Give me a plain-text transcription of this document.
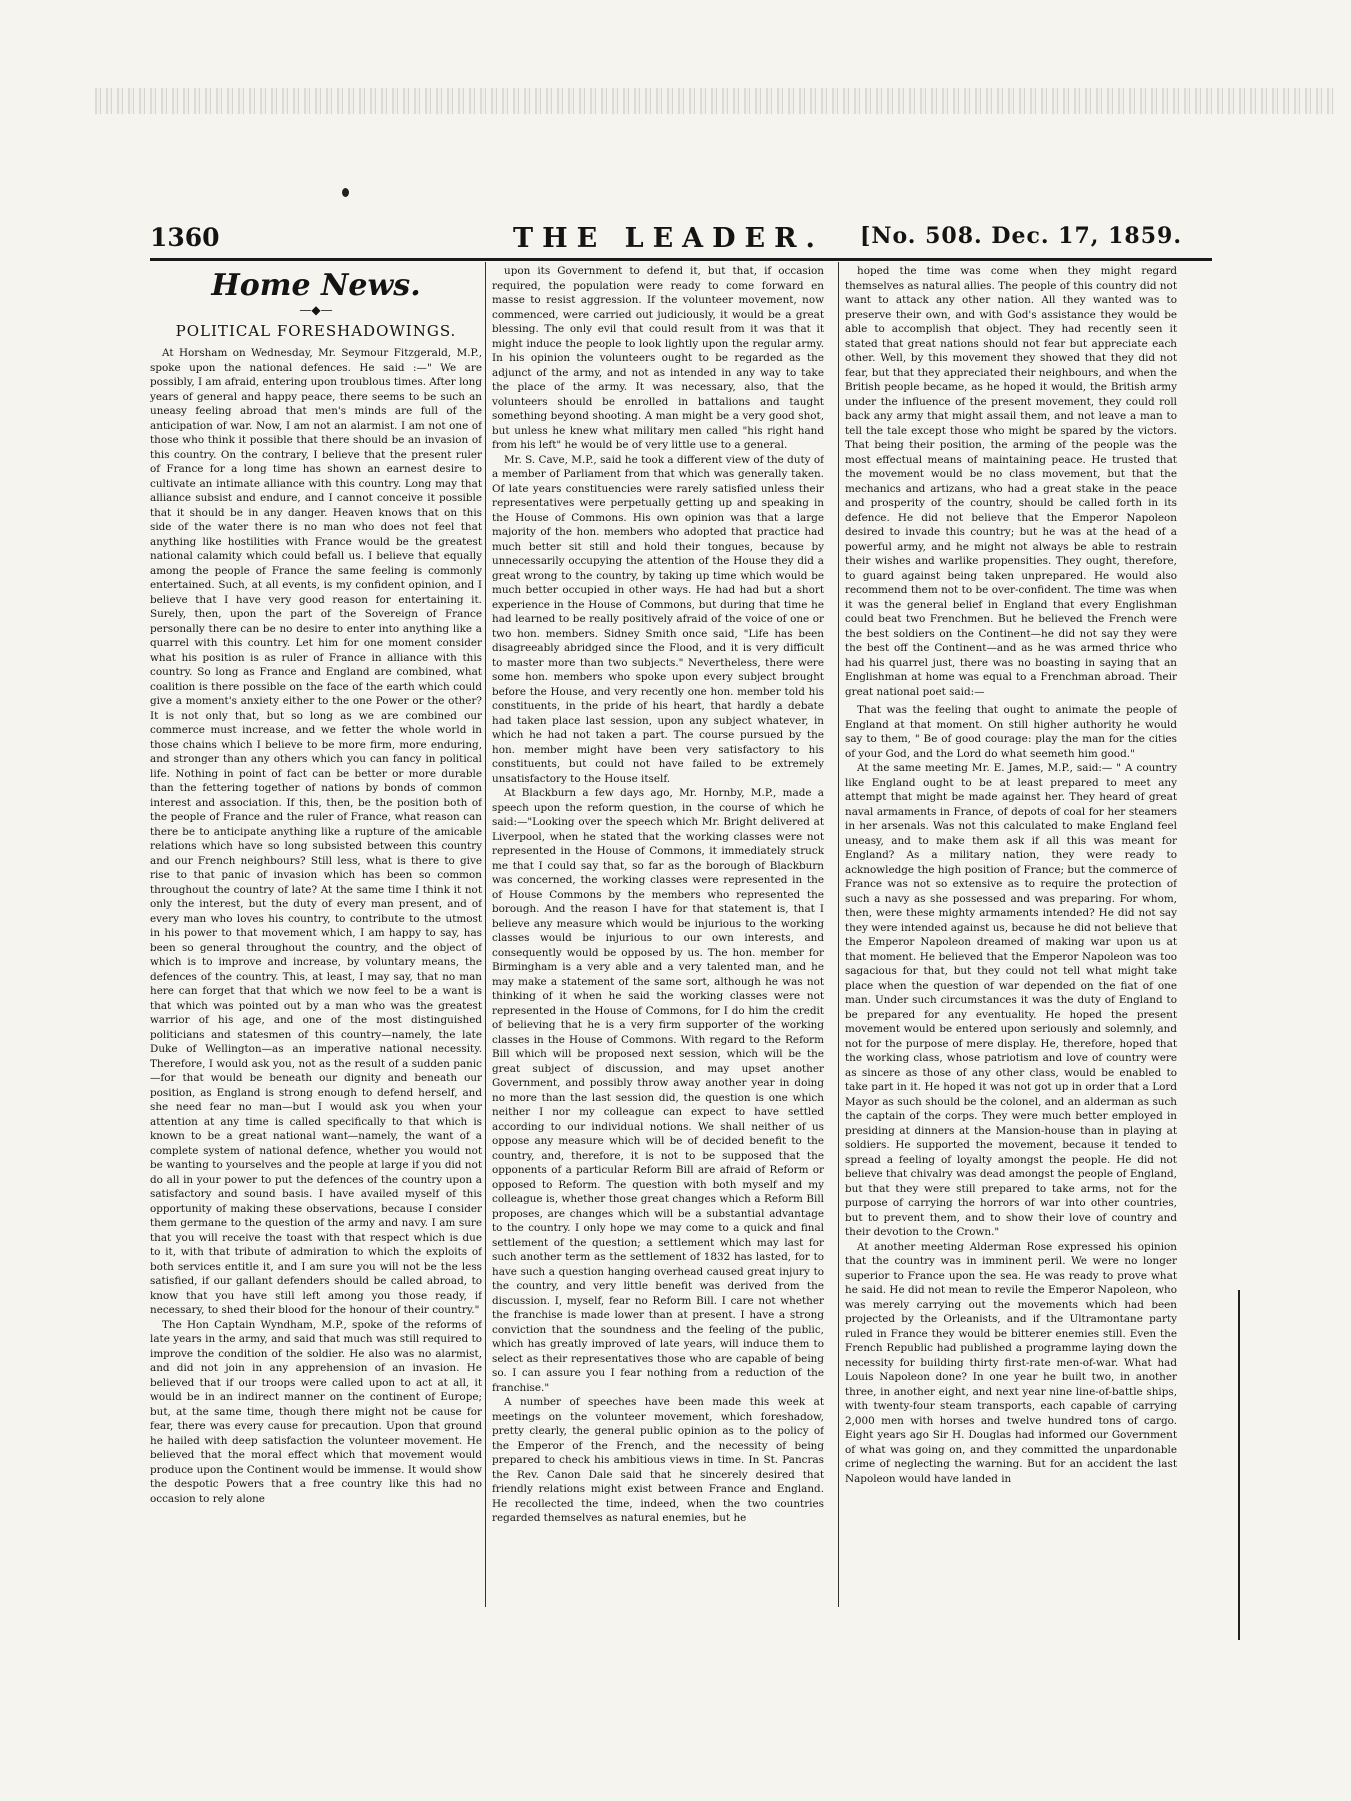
1360	THE LEADER. [No. 508. Dec. 17, 1859.
Home News.
—◆—
POLITICAL FORESHADOWINGS.

At Horsham on Wednesday, Mr. Seymour Fitzgerald, M.P., spoke upon the national defences. He said :—" We are possibly, I am afraid, entering upon troublous times. After long years of general and happy peace, there seems to be such an uneasy feeling abroad that men's minds are full of the anticipation of war. Now, I am not an alarmist. I am not one of those who think it possible that there should be an invasion of this country. On the contrary, I believe that the present ruler of France for a long time has shown an earnest desire to cultivate an intimate alliance with this country. Long may that alliance subsist and endure, and I cannot conceive it possible that it should be in any danger. Heaven knows that on this side of the water there is no man who does not feel that anything like hostilities with France would be the greatest national calamity which could befall us. I believe that equally among the people of France the same feeling is commonly entertained. Such, at all events, is my confident opinion, and I believe that I have very good reason for entertaining it. Surely, then, upon the part of the Sovereign of France personally there can be no desire to enter into anything like a quarrel with this country. Let him for one moment consider what his position is as ruler of France in alliance with this country. So long as France and England are combined, what coalition is there possible on the face of the earth which could give a moment's anxiety either to the one Power or the other? It is not only that, but so long as we are combined our commerce must increase, and we fetter the whole world in those chains which I believe to be more firm, more enduring, and stronger than any others which you can fancy in political life. Nothing in point of fact can be better or more durable than the fettering together of nations by bonds of common interest and association. If this, then, be the position both of the people of France and the ruler of France, what reason can there be to anticipate anything like a rupture of the amicable relations which have so long subsisted between this country and our French neighbours? Still less, what is there to give rise to that panic of invasion which has been so common throughout the country of late? At the same time I think it not only the interest, but the duty of every man present, and of every man who loves his country, to contribute to the utmost in his power to that movement which, I am happy to say, has been so general throughout the country, and the object of which is to improve and increase, by voluntary means, the defences of the country. This, at least, I may say, that no man here can forget that that which we now feel to be a want is that which was pointed out by a man who was the greatest warrior of his age, and one of the most distinguished politicians and statesmen of this country—namely, the late Duke of Wellington—as an imperative national necessity. Therefore, I would ask you, not as the result of a sudden panic—for that would be beneath our dignity and beneath our position, as England is strong enough to defend herself, and she need fear no man—but I would ask you when your attention at any time is called specifically to that which is known to be a great national want—namely, the want of a complete system of national defence, whether you would not be wanting to yourselves and the people at large if you did not do all in your power to put the defences of the country upon a satisfactory and sound basis. I have availed myself of this opportunity of making these observations, because I consider them germane to the question of the army and navy. I am sure that you will receive the toast with that respect which is due to it, with that tribute of admiration to which the exploits of both services entitle it, and I am sure you will not be the less satisfied, if our gallant defenders should be called abroad, to know that you have still left among you those ready, if necessary, to shed their blood for the honour of their country."

The Hon Captain Wyndham, M.P., spoke of the reforms of late years in the army, and said that much was still required to improve the condition of the soldier. He also was no alarmist, and did not join in any apprehension of an invasion. He believed that if our troops were called upon to act at all, it would be in an indirect manner on the continent of Europe; but, at the same time, though there might not be cause for fear, there was every cause for precaution. Upon that ground he hailed with deep satisfaction the volunteer movement. He believed that the moral effect which that movement would produce upon the Continent would be immense. It would show the despotic Powers that a free country like this had no occasion to rely alone

upon its Government to defend it, but that, if occasion required, the population were ready to come forward en masse to resist aggression. If the volunteer movement, now commenced, were carried out judiciously, it would be a great blessing. The only evil that could result from it was that it might induce the people to look lightly upon the regular army. In his opinion the volunteers ought to be regarded as the adjunct of the army, and not as intended in any way to take the place of the army. It was necessary, also, that the volunteers should be enrolled in battalions and taught something beyond shooting. A man might be a very good shot, but unless he knew what military men called "his right hand from his left" he would be of very little use to a general.

Mr. S. Cave, M.P., said he took a different view of the duty of a member of Parliament from that which was generally taken. Of late years constituencies were rarely satisfied unless their representatives were perpetually getting up and speaking in the House of Commons. His own opinion was that a large majority of the hon. members who adopted that practice had much better sit still and hold their tongues, because by unnecessarily occupying the attention of the House they did a great wrong to the country, by taking up time which would be much better occupied in other ways. He had had but a short experience in the House of Commons, but during that time he had learned to be really positively afraid of the voice of one or two hon. members. Sidney Smith once said, "Life has been disagreeably abridged since the Flood, and it is very difficult to master more than two subjects." Nevertheless, there were some hon. members who spoke upon every subject brought before the House, and very recently one hon. member told his constituents, in the pride of his heart, that hardly a debate had taken place last session, upon any subject whatever, in which he had not taken a part. The course pursued by the hon. member might have been very satisfactory to his constituents, but could not have failed to be extremely unsatisfactory to the House itself.

At Blackburn a few days ago, Mr. Hornby, M.P., made a speech upon the reform question, in the course of which he said:—"Looking over the speech which Mr. Bright delivered at Liverpool, when he stated that the working classes were not represented in the House of Commons, it immediately struck me that I could say that, so far as the borough of Blackburn was concerned, the working classes were represented in the of House Commons by the members who represented the borough. And the reason I have for that statement is, that I believe any measure which would be injurious to the working classes would be injurious to our own interests, and consequently would be opposed by us. The hon. member for Birmingham is a very able and a very talented man, and he may make a statement of the same sort, although he was not thinking of it when he said the working classes were not represented in the House of Commons, for I do him the credit of believing that he is a very firm supporter of the working classes in the House of Commons. With regard to the Reform Bill which will be proposed next session, which will be the great subject of discussion, and may upset another Government, and possibly throw away another year in doing no more than the last session did, the question is one which neither I nor my colleague can expect to have settled according to our individual notions. We shall neither of us oppose any measure which will be of decided benefit to the country, and, therefore, it is not to be supposed that the opponents of a particular Reform Bill are afraid of Reform or opposed to Reform. The question with both myself and my colleague is, whether those great changes which a Reform Bill proposes, are changes which will be a substantial advantage to the country. I only hope we may come to a quick and final settlement of the question; a settlement which may last for such another term as the settlement of 1832 has lasted, for to have such a question hanging overhead caused great injury to the country, and very little benefit was derived from the discussion. I, myself, fear no Reform Bill. I care not whether the franchise is made lower than at present. I have a strong conviction that the soundness and the feeling of the public, which has greatly improved of late years, will induce them to select as their representatives those who are capable of being so. I can assure you I fear nothing from a reduction of the franchise."

A number of speeches have been made this week at meetings on the volunteer movement, which foreshadow, pretty clearly, the general public opinion as to the policy of the Emperor of the French, and the necessity of being prepared to check his ambitious views in time. In St. Pancras the Rev. Canon Dale said that he sincerely desired that friendly relations might exist between France and England. He recollected the time, indeed, when the two countries regarded themselves as natural enemies, but he

hoped the time was come when they might regard themselves as natural allies. The people of this country did not want to attack any other nation. All they wanted was to preserve their own, and with God's assistance they would be able to accomplish that object. They had recently seen it stated that great nations should not fear but appreciate each other. Well, by this movement they showed that they did not fear, but that they appreciated their neighbours, and when the British people became, as he hoped it would, the British army under the influence of the present movement, they could roll back any army that might assail them, and not leave a man to tell the tale except those who might be spared by the victors. That being their position, the arming of the people was the most effectual means of maintaining peace. He trusted that the movement would be no class movement, but that the mechanics and artizans, who had a great stake in the peace and prosperity of the country, should be called forth in its defence. He did not believe that the Emperor Napoleon desired to invade this country; but he was at the head of a powerful army, and he might not always be able to restrain their wishes and warlike propensities. They ought, therefore, to guard against being taken unprepared. He would also recommend them not to be over-confident. The time was when it was the general belief in England that every Englishman could beat two Frenchmen. But he believed the French were the best soldiers on the Continent—he did not say they were the best off the Continent—and as he was armed thrice who had his quarrel just, there was no boasting in saying that an Englishman at home was equal to a Frenchman abroad. Their great national poet said:—

That was the feeling that ought to animate the people of England at that moment. On still higher authority he would say to them, " Be of good courage: play the man for the cities of your God, and the Lord do what seemeth him good."

At the same meeting Mr. E. James, M.P., said:— " A country like England ought to be at least prepared to meet any attempt that might be made against her. They heard of great naval armaments in France, of depots of coal for her steamers in her arsenals. Was not this calculated to make England feel uneasy, and to make them ask if all this was meant for England? As a military nation, they were ready to acknowledge the high position of France; but the commerce of France was not so extensive as to require the protection of such a navy as she possessed and was preparing. For whom, then, were these mighty armaments intended? He did not say they were intended against us, because he did not believe that the Emperor Napoleon dreamed of making war upon us at that moment. He believed that the Emperor Napoleon was too sagacious for that, but they could not tell what might take place when the question of war depended on the fiat of one man. Under such circumstances it was the duty of England to be prepared for any eventuality. He hoped the present movement would be entered upon seriously and solemnly, and not for the purpose of mere display. He, therefore, hoped that the working class, whose patriotism and love of country were as sincere as those of any other class, would be enabled to take part in it. He hoped it was not got up in order that a Lord Mayor as such should be the colonel, and an alderman as such the captain of the corps. They were much better employed in presiding at dinners at the Mansion-house than in playing at soldiers. He supported the movement, because it tended to spread a feeling of loyalty amongst the people. He did not believe that chivalry was dead amongst the people of England, but that they were still prepared to take arms, not for the purpose of carrying the horrors of war into other countries, but to prevent them, and to show their love of country and their devotion to the Crown."

At another meeting Alderman Rose expressed his opinion that the country was in imminent peril. We were no longer superior to France upon the sea. He was ready to prove what he said. He did not mean to revile the Emperor Napoleon, who was merely carrying out the movements which had been projected by the Orleanists, and if the Ultramontane party ruled in France they would be bitterer enemies still. Even the French Republic had published a programme laying down the necessity for building thirty first-rate men-of-war. What had Louis Napoleon done? In one year he built two, in another three, in another eight, and next year nine line-of-battle ships, with twenty-four steam transports, each capable of carrying 2,000 men with horses and twelve hundred tons of cargo. Eight years ago Sir H. Douglas had informed our Government of what was going on, and they committed the unpardonable crime of neglecting the warning. But for an accident the last Napoleon would have landed in
